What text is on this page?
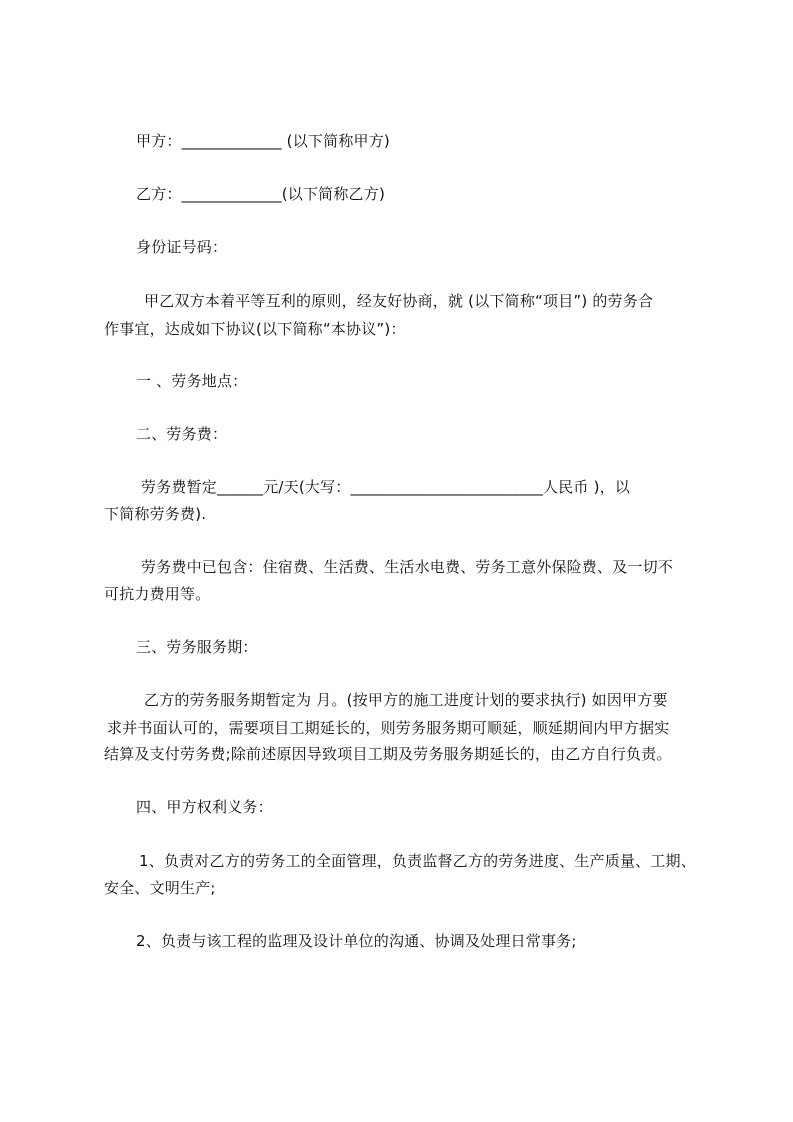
甲方：_____________ (以下简称甲方)
乙方：_____________(以下简称乙方)
身份证号码：
甲乙双方本着平等互利的原则，经友好协商，就 (以下简称“项目”) 的劳务合
作事宜，达成如下协议(以下简称“本协议”)：
一 、劳务地点：
二、劳务费：
劳务费暂定______元/天(大写：_________________________人民币 )，以
下简称劳务费).
劳务费中已包含：住宿费、生活费、生活水电费、劳务工意外保险费、及一切不
可抗力费用等。
三、劳务服务期：
乙方的劳务服务期暂定为 月。(按甲方的施工进度计划的要求执行) 如因甲方要
求并书面认可的，需要项目工期延长的，则劳务服务期可顺延，顺延期间内甲方据实
结算及支付劳务费;除前述原因导致项目工期及劳务服务期延长的，由乙方自行负责。
四、甲方权利义务：
1、负责对乙方的劳务工的全面管理，负责监督乙方的劳务进度、生产质量、工期、
安全、文明生产;
2、负责与该工程的监理及设计单位的沟通、协调及处理日常事务;
